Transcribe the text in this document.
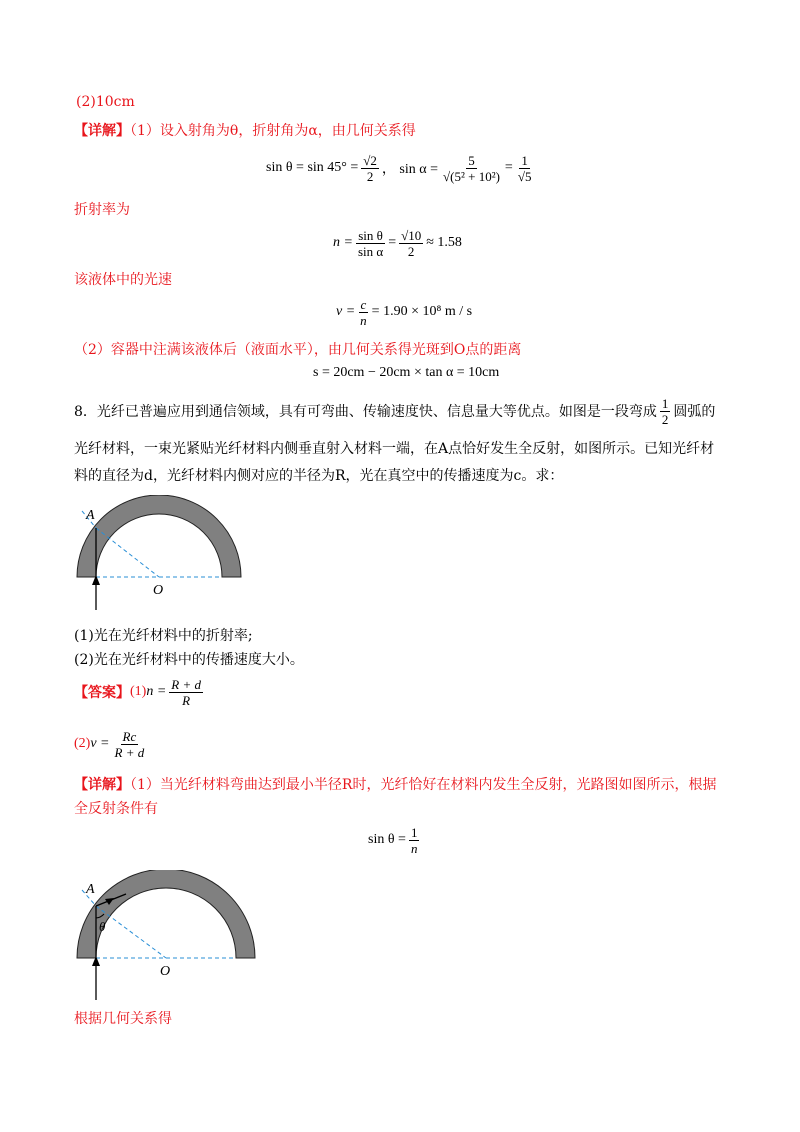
(2)10cm
【详解】（1）设入射角为θ，折射角为α，由几何关系得
$\sin \theta = \sin 45^\circ = \frac{√2}{2}$ ， $\sin \alpha = \frac{5}{\text{√(5² + 10²)}} = \frac{1}{√5}$
折射率为
$n = \frac{\text{sin θ}}{\text{sin α}} = \frac{√10}{2} \approx 1.58$
该液体中的光速
$v = \frac{c}{n} = 1.90 \times 10^8$ m / s
（2）容器中注满该液体后（液面水平），由几何关系得光斑到O点的距离
s = 20cm − 20cm × tan α = 10cm
8．光纤已普遍应用到通信领域，具有可弯曲、传输速度快、信息量大等优点。如图是一段弯成 $\frac{1}{2}$ 圆弧的
光纤材料，一束光紧贴光纤材料内侧垂直射入材料一端，在A点恰好发生全反射，如图所示。已知光纤材
料的直径为d，光纤材料内侧对应的半径为R，光在真空中的传播速度为c。求：
A
O
(1)光在光纤材料中的折射率;
(2)光在光纤材料中的传播速度大小。
【答案】 (1) $n = \frac{R + d}{R}$
(2) $v = \frac{Rc}{R + d}$
【详解】（1）当光纤材料弯曲达到最小半径R时，光纤恰好在材料内发生全反射，光路图如图所示，根据
全反射条件有
$\sin \theta = \frac{1}{n}$
A
θ
O
根据几何关系得
